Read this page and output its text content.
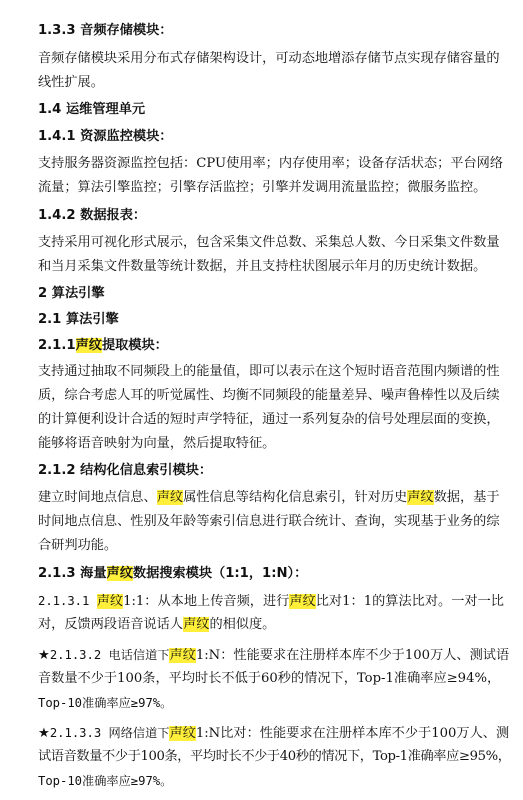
1.3.3 音频存储模块：
音频存储模块采用分布式存储架构设计，可动态地增添存储节点实现存储容量的
线性扩展。
1.4 运维管理单元
1.4.1 资源监控模块：
支持服务器资源监控包括：CPU使用率；内存使用率；设备存活状态；平台网络
流量；算法引擎监控；引擎存活监控；引擎并发调用流量监控；微服务监控。
1.4.2 数据报表：
支持采用可视化形式展示，包含采集文件总数、采集总人数、今日采集文件数量
和当月采集文件数量等统计数据，并且支持柱状图展示年月的历史统计数据。
2 算法引擎
2.1 算法引擎
2.1.1声纹提取模块：
支持通过抽取不同频段上的能量值，即可以表示在这个短时语音范围内频谱的性
质，综合考虑人耳的听觉属性、均衡不同频段的能量差异、噪声鲁棒性以及后续
的计算便利设计合适的短时声学特征，通过一系列复杂的信号处理层面的变换，
能够将语音映射为向量，然后提取特征。
2.1.2 结构化信息索引模块：
建立时间地点信息、声纹属性信息等结构化信息索引，针对历史声纹数据，基于
时间地点信息、性别及年龄等索引信息进行联合统计、查询，实现基于业务的综
合研判功能。
2.1.3 海量声纹数据搜索模块（1:1，1:N）：
2.1.3.1 声纹1:1：从本地上传音频，进行声纹比对1：1的算法比对。一对一比
对，反馈两段语音说话人声纹的相似度。
★2.1.3.2 电话信道下声纹1:N：性能要求在注册样本库不少于100万人、测试语
音数量不少于100条，平均时长不低于60秒的情况下，Top-1准确率应≥94%，
Top-10准确率应≥97%。
★2.1.3.3 网络信道下声纹1:N比对：性能要求在注册样本库不少于100万人、测
试语音数量不少于100条，平均时长不少于40秒的情况下，Top-1准确率应≥95%，
Top-10准确率应≥97%。
